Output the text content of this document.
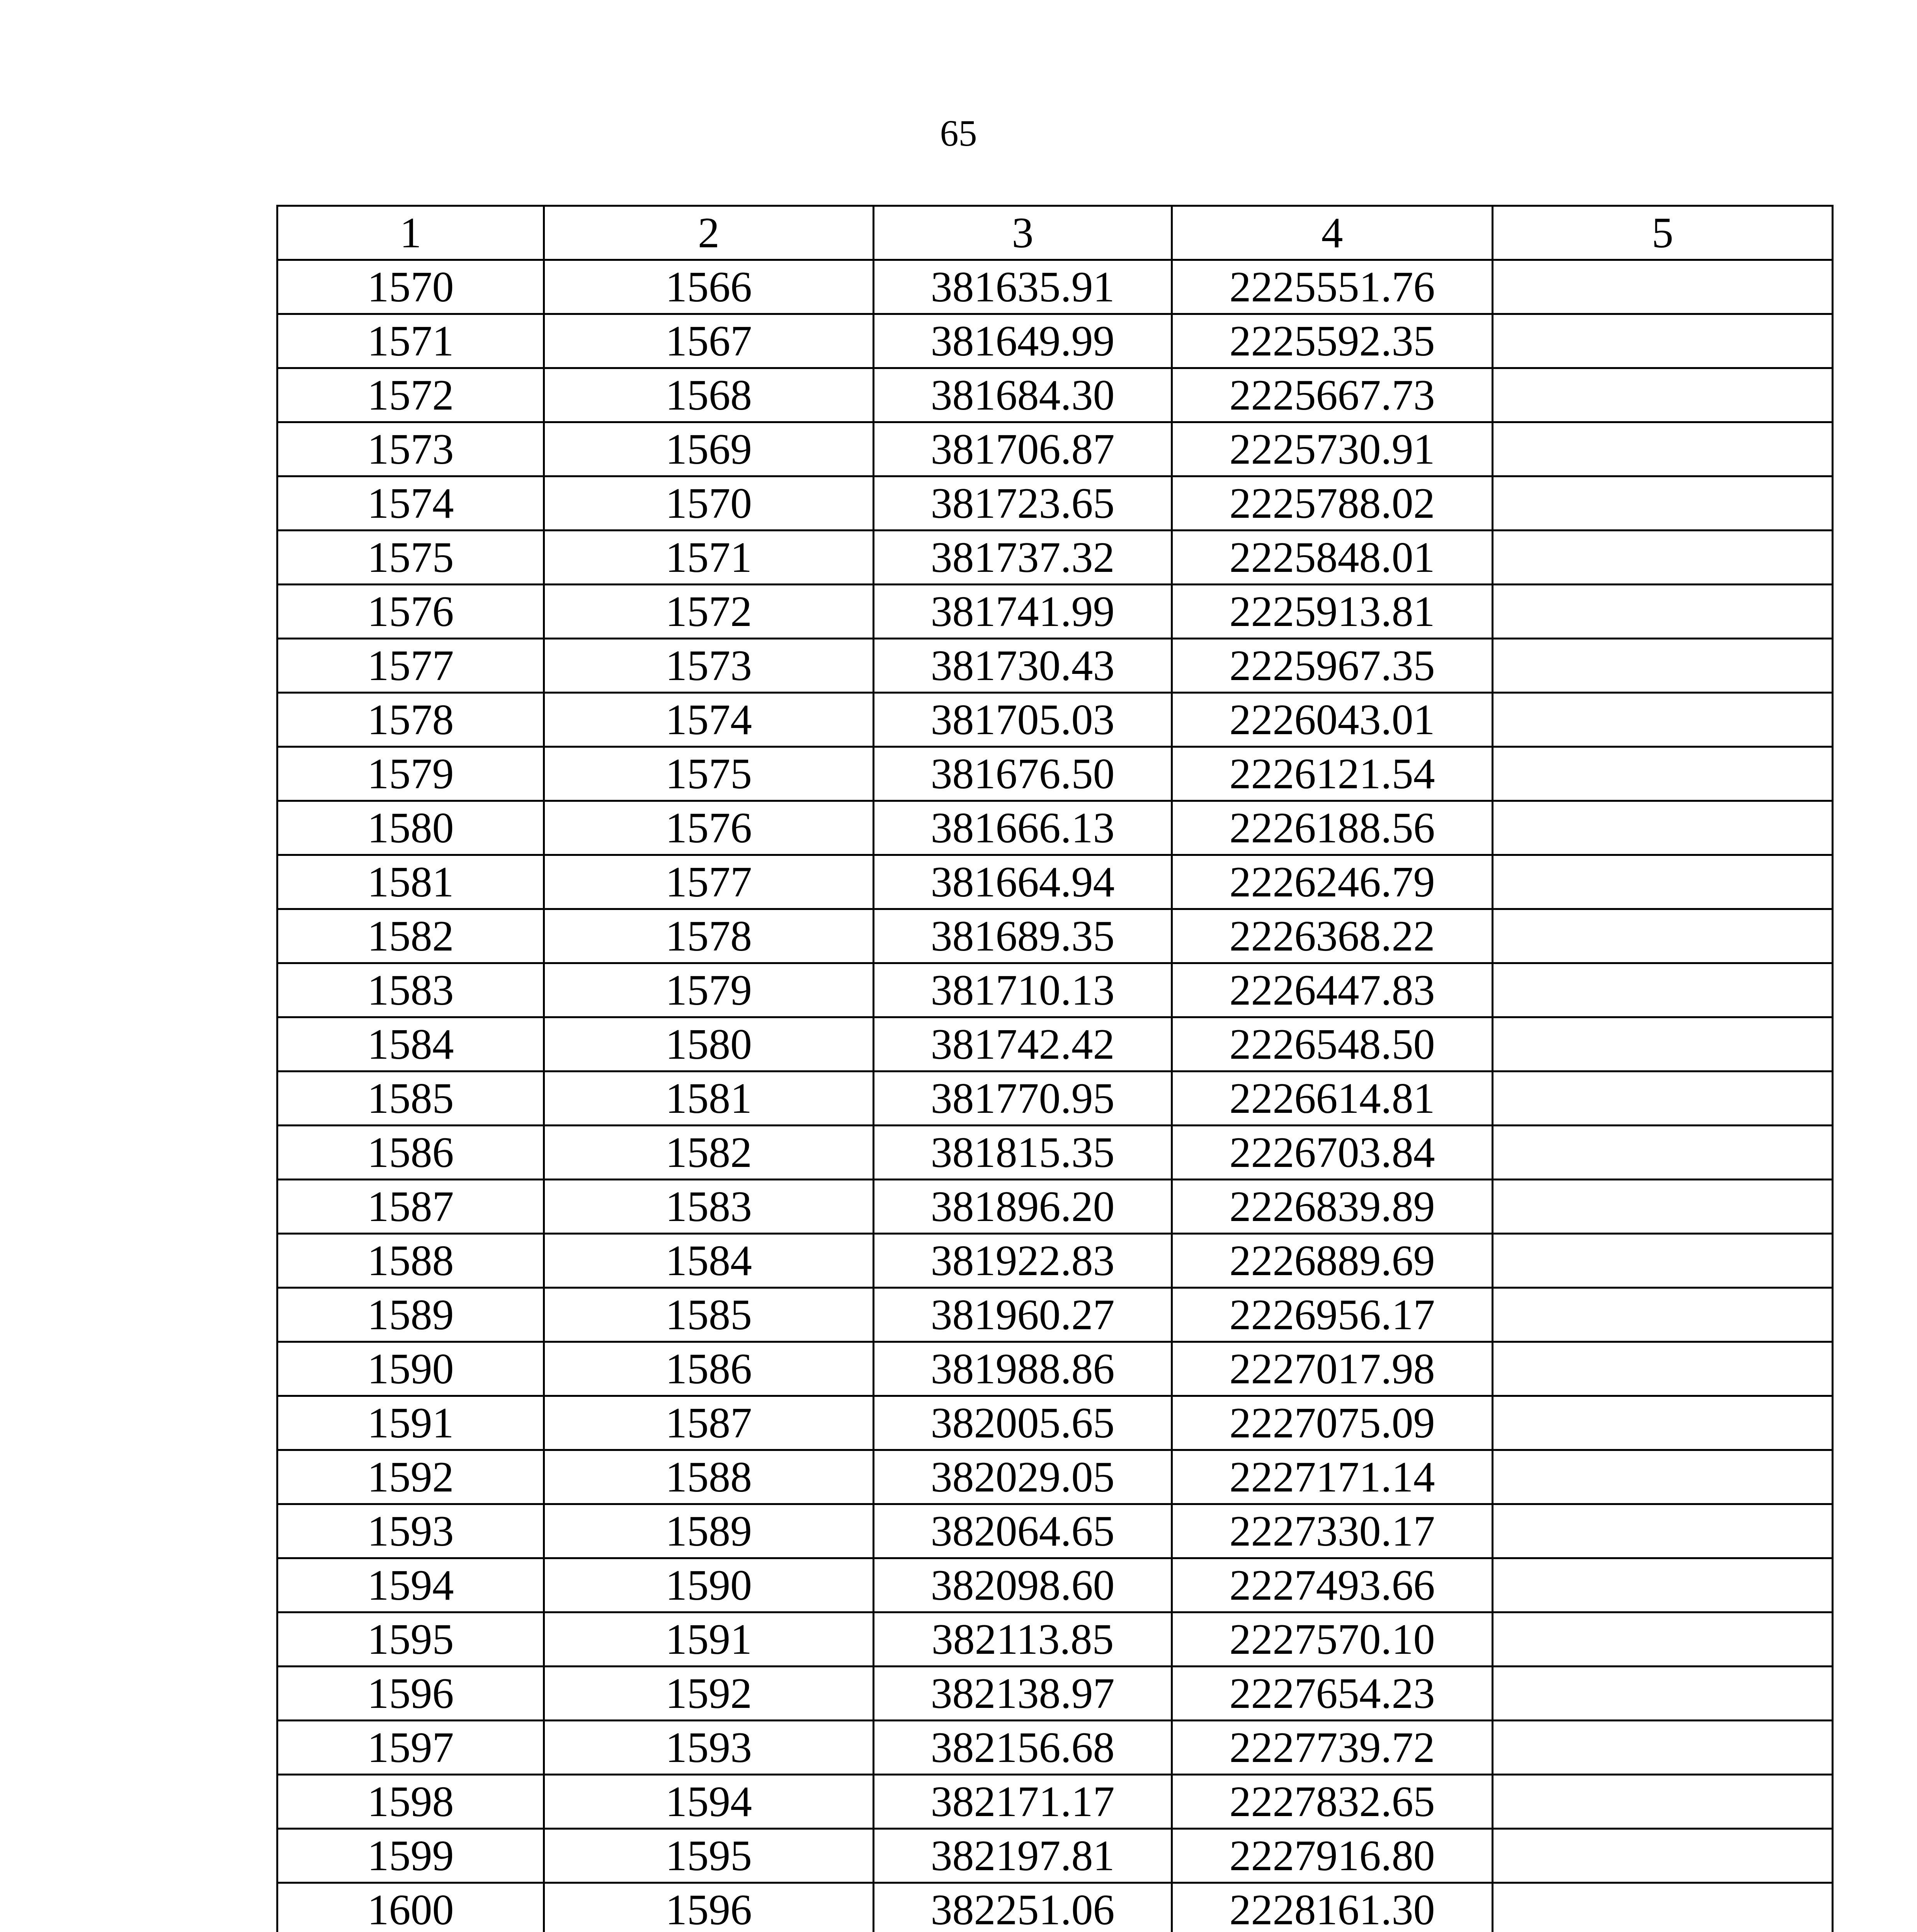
65
1	2	3	4	5
1570	1566	381635.91	2225551.76	
1571	1567	381649.99	2225592.35	
1572	1568	381684.30	2225667.73	
1573	1569	381706.87	2225730.91	
1574	1570	381723.65	2225788.02	
1575	1571	381737.32	2225848.01	
1576	1572	381741.99	2225913.81	
1577	1573	381730.43	2225967.35	
1578	1574	381705.03	2226043.01	
1579	1575	381676.50	2226121.54	
1580	1576	381666.13	2226188.56	
1581	1577	381664.94	2226246.79	
1582	1578	381689.35	2226368.22	
1583	1579	381710.13	2226447.83	
1584	1580	381742.42	2226548.50	
1585	1581	381770.95	2226614.81	
1586	1582	381815.35	2226703.84	
1587	1583	381896.20	2226839.89	
1588	1584	381922.83	2226889.69	
1589	1585	381960.27	2226956.17	
1590	1586	381988.86	2227017.98	
1591	1587	382005.65	2227075.09	
1592	1588	382029.05	2227171.14	
1593	1589	382064.65	2227330.17	
1594	1590	382098.60	2227493.66	
1595	1591	382113.85	2227570.10	
1596	1592	382138.97	2227654.23	
1597	1593	382156.68	2227739.72	
1598	1594	382171.17	2227832.65	
1599	1595	382197.81	2227916.80	
1600	1596	382251.06	2228161.30	
